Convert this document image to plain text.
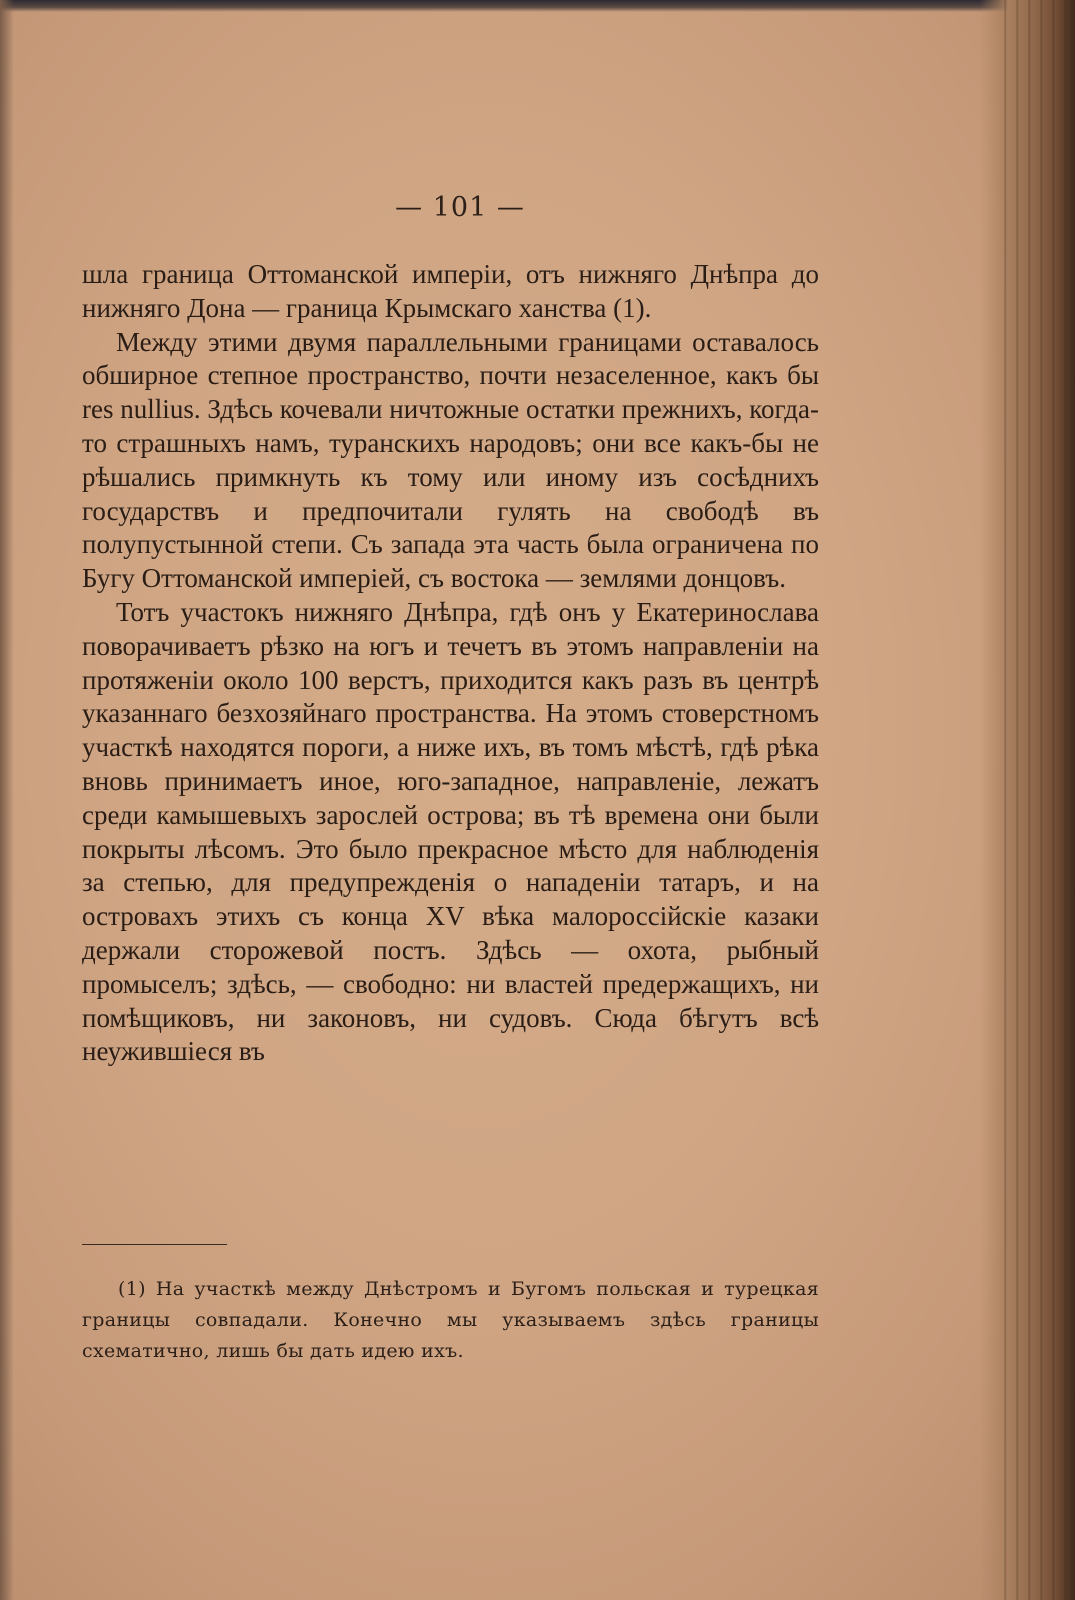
— 101 —

шла граница Оттоманской имперіи, отъ нижняго Днѣпра до нижняго Дона — граница Крымскаго ханства (1).

Между этими двумя параллельными границами оставалось обширное степное пространство, почти незаселенное, какъ бы res nullius. Здѣсь кочевали ничтожные остатки прежнихъ, когда-то страшныхъ намъ, туранскихъ народовъ; они все какъ-бы не рѣшались примкнуть къ тому или иному изъ сосѣднихъ государствъ и предпочитали гулять на свободѣ въ полупустынной степи. Съ запада эта часть была ограничена по Бугу Оттоманской имперіей, съ востока — землями донцовъ.

Тотъ участокъ нижняго Днѣпра, гдѣ онъ у Екатеринослава поворачиваетъ рѣзко на югъ и течетъ въ этомъ направленіи на протяженіи около 100 верстъ, приходится какъ разъ въ центрѣ указаннаго безхозяйнаго пространства. На этомъ стоверстномъ участкѣ находятся пороги, а ниже ихъ, въ томъ мѣстѣ, гдѣ рѣка вновь принимаетъ иное, юго-западное, направленіе, лежатъ среди камышевыхъ зарослей острова; въ тѣ времена они были покрыты лѣсомъ. Это было прекрасное мѣсто для наблюденія за степью, для предупрежденія о нападеніи татаръ, и на островахъ этихъ съ конца XV вѣка малороссійскіе казаки держали сторожевой постъ. Здѣсь — охота, рыбный промыселъ; здѣсь, — свободно: ни властей предержащихъ, ни помѣщиковъ, ни законовъ, ни судовъ. Сюда бѣгутъ всѣ неужившіеся въ

(1) На участкѣ между Днѣстромъ и Бугомъ польская и турецкая границы совпадали. Конечно мы указываемъ здѣсь границы схематично, лишь бы дать идею ихъ.
